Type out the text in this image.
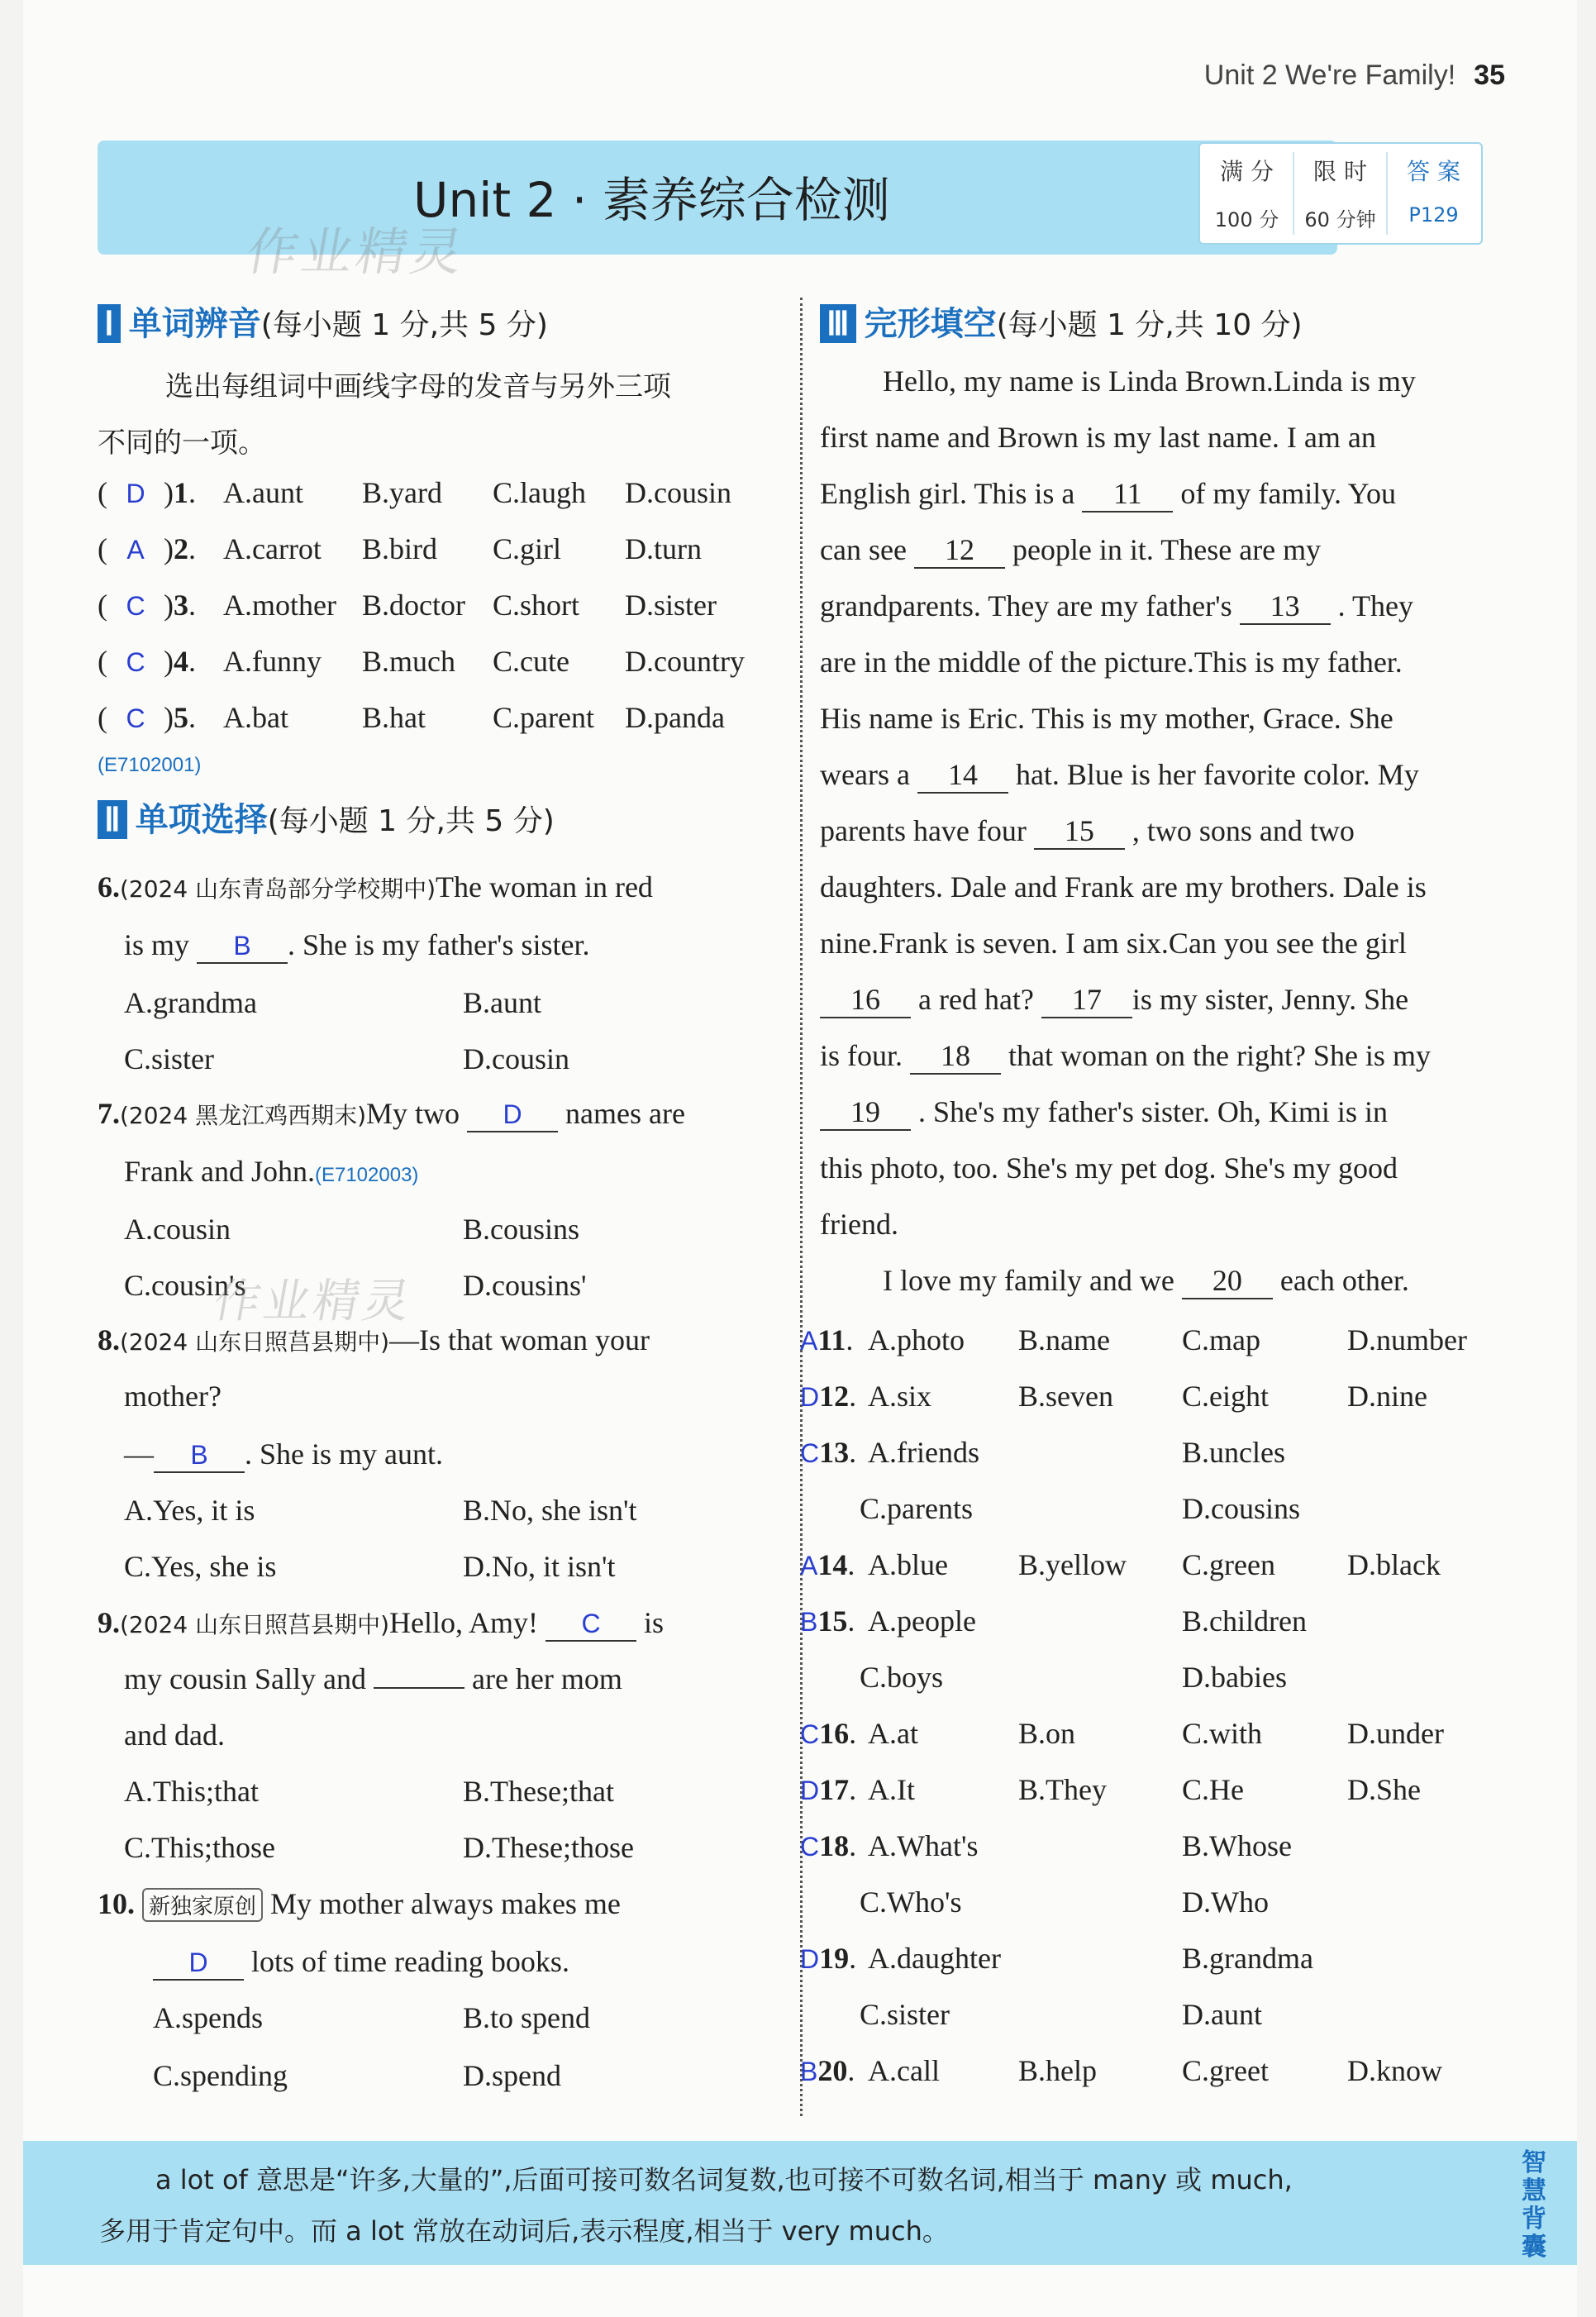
Unit 2 We're Family! 35
Unit 2 · 素养综合检测
作业精灵
满 分	限 时	答 案
100 分	60 分钟	P129
Ⅰ 单词辨音(每小题 1 分,共 5 分)
选出每组词中画线字母的发音与另外三项
不同的一项。
( D )1. A.aunt B.yard C.laugh D.cousin
( A )2. A.carrot B.bird C.girl D.turn
( C )3. A.mother B.doctor C.short D.sister
( C )4. A.funny B.much C.cute D.country
( C )5. A.bat B.hat C.parent D.panda
(E7102001)
Ⅱ 单项选择(每小题 1 分,共 5 分)
6.(2024 山东青岛部分学校期中)The woman in red
is my B . She is my father's sister.
A.grandma	B.aunt
C.sister	D.cousin
7.(2024 黑龙江鸡西期末)My two D names are
Frank and John.(E7102003)
A.cousin	B.cousins
C.cousin's	D.cousins'
作业精灵
8.(2024 山东日照莒县期中)—Is that woman your
mother?
— B . She is my aunt.
A.Yes, it is	B.No, she isn't
C.Yes, she is	D.No, it isn't
9.(2024 山东日照莒县期中)Hello, Amy! C is
my cousin Sally and	are her mom
and dad.
A.This;that	B.These;that
C.This;those	D.These;those
10. 新独家原创 My mother always makes me
D lots of time reading books.
A.spends	B.to spend
C.spending	D.spend
Ⅲ 完形填空(每小题 1 分,共 10 分)
Hello, my name is Linda Brown.Linda is my
first name and Brown is my last name. I am an
English girl. This is a 11 of my family. You
can see 12 people in it. These are my
grandparents. They are my father's 13 . They
are in the middle of the picture.This is my father.
His name is Eric. This is my mother, Grace. She
wears a 14 hat. Blue is her favorite color. My
parents have four 15 , two sons and two
daughters. Dale and Frank are my brothers. Dale is
nine.Frank is seven. I am six.Can you see the girl
16 a red hat? 17 is my sister, Jenny. She
is four. 18 that woman on the right? She is my
19 . She's my father's sister. Oh, Kimi is in
this photo, too. She's my pet dog. She's my good
friend.
I love my family and we 20 each other.
A11. A.photo B.name C.map	D.number
D12. A.six	B.seven C.eight	D.nine
C13. A.friends	B.uncles
C.parents	D.cousins
A14. A.blue B.yellow C.green D.black
B15. A.people	B.children
C.boys	D.babies
C16. A.at	B.on	C.with	D.under
D17. A.It	B.They	C.He	D.She
C18. A.What's	B.Whose
C.Who's	D.Who
D19. A.daughter	B.grandma
C.sister	D.aunt
B20. A.call	B.help	C.greet	D.know

a lot of 意思是“许多,大量的”,后面可接可数名词复数,也可接不可数名词,相当于 many 或 much,

多用于肯定句中。而 a lot 常放在动词后,表示程度,相当于 very much。

智慧背囊
